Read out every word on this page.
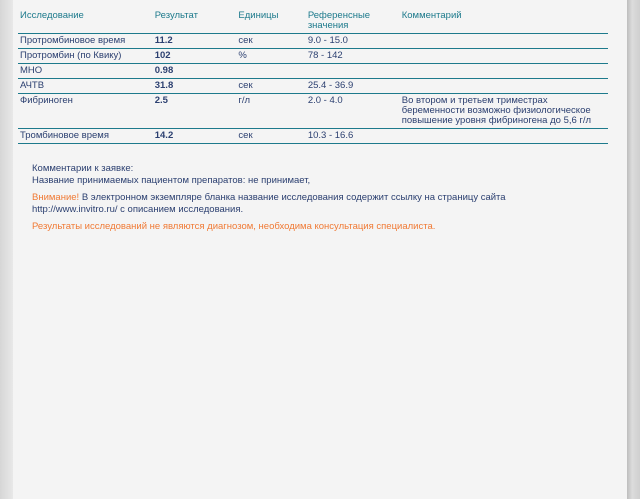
Исследование	Результат	Единицы	Референсные значения	Комментарий
Протромбиновое время	11.2	сек	9.0 - 15.0	
Протромбин (по Квику)	102	%	78 - 142	
МНО	0.98			
АЧТВ	31.8	сек	25.4 - 36.9	
Фибриноген	2.5	г/л	2.0 - 4.0	Во втором и третьем триместрах беременности возможно физиологическое повышение уровня фибриногена до 5,6 г/л
Тромбиновое время	14.2	сек	10.3 - 16.6	

Комментарии к заявке:

Название принимаемых пациентом препаратов: не принимает,

Внимание! В электронном экземпляре бланка название исследования содержит ссылку на страницу сайта
http://www.invitro.ru/ с описанием исследования.

Результаты исследований не являются диагнозом, необходима консультация специалиста.
